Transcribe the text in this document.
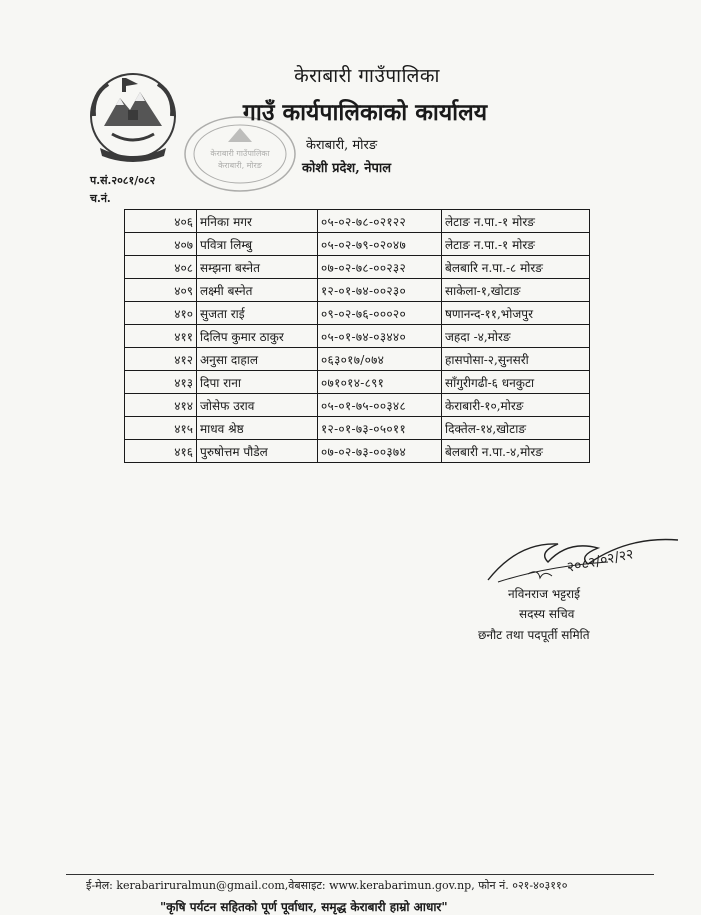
केराबारी गाउँपालिका
केराबारी, मोरङ
केराबारी गाउँपालिका
गाउँ कार्यपालिकाको कार्यालय
केराबारी, मोरङ
कोशी प्रदेश, नेपाल
प.सं.२०८१/०८२
च.नं.
४०६	मनिका मगर	०५-०२-७८-०२१२२	लेटाङ न.पा.-१ मोरङ
४०७	पवित्रा लिम्बु	०५-०२-७९-०२०४७	लेटाङ न.पा.-१ मोरङ
४०८	सम्झना बस्नेत	०७-०२-७८-००२३२	बेलबारि न.पा.-८ मोरङ
४०९	लक्ष्मी बस्नेत	१२-०१-७४-००२३०	साकेला-१,खोटाङ
४१०	सुजता राई	०९-०२-७६-०००२०	षणानन्द-११,भोजपुर
४११	दिलिप कुमार ठाकुर	०५-०१-७४-०३४४०	जहदा -४,मोरङ
४१२	अनुसा दाहाल	०६३०१७/०७४	हासपोसा-२,सुनसरी
४१३	दिपा राना	०७१०१४-८९१	साँगुरीगढी-६ धनकुटा
४१४	जोसेफ उराव	०५-०१-७५-००३४८	केराबारी-१०,मोरङ
४१५	माधव श्रेष्ठ	१२-०१-७३-०५०११	दिक्तेल-१४,खोटाङ
४१६	पुरुषोत्तम पौडेल	०७-०२-७३-००३७४	बेलबारी न.पा.-४,मोरङ
२०८२/०२/२२
नविनराज भट्टराई
सदस्य सचिव
छनौट तथा पदपूर्ती समिति
ई-मेल: kerabariruralmun@gmail.com,वेबसाइट: www.kerabarimun.gov.np, फोन नं. ०२१-४०३११०
"कृषि पर्यटन सहितको पूर्ण पूर्वाधार, समृद्ध केराबारी हाम्रो आधार"
